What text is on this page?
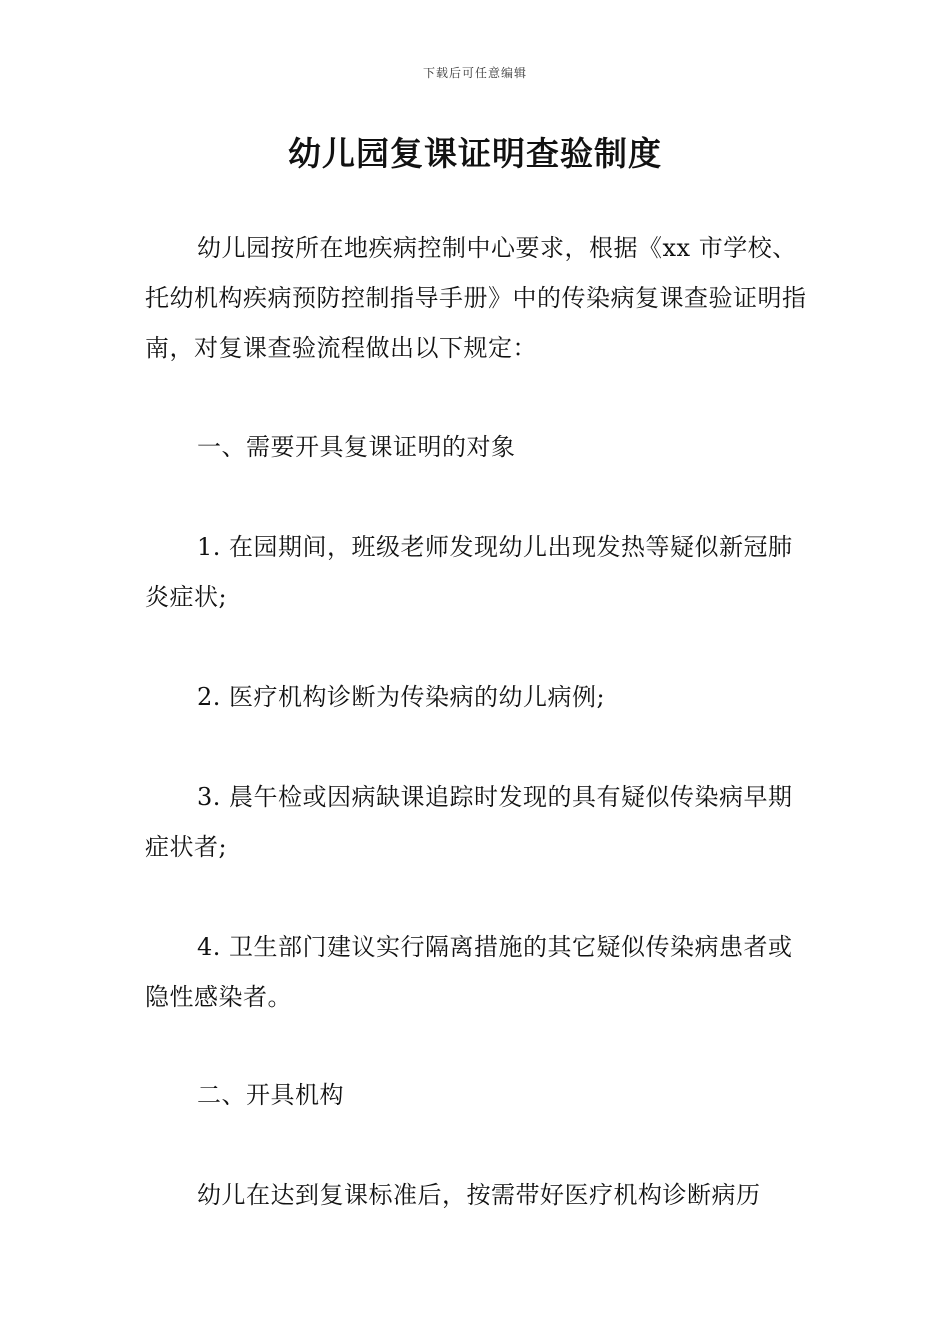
下载后可任意编辑
幼儿园复课证明查验制度

幼儿园按所在地疾病控制中心要求，根据《xx 市学校、托幼机构疾病预防控制指导手册》中的传染病复课查验证明指南，对复课查验流程做出以下规定：

一、需要开具复课证明的对象

1. 在园期间，班级老师发现幼儿出现发热等疑似新冠肺炎症状;

2. 医疗机构诊断为传染病的幼儿病例;

3. 晨午检或因病缺课追踪时发现的具有疑似传染病早期症状者;

4. 卫生部门建议实行隔离措施的其它疑似传染病患者或隐性感染者。

二、开具机构

幼儿在达到复课标准后，按需带好医疗机构诊断病历
